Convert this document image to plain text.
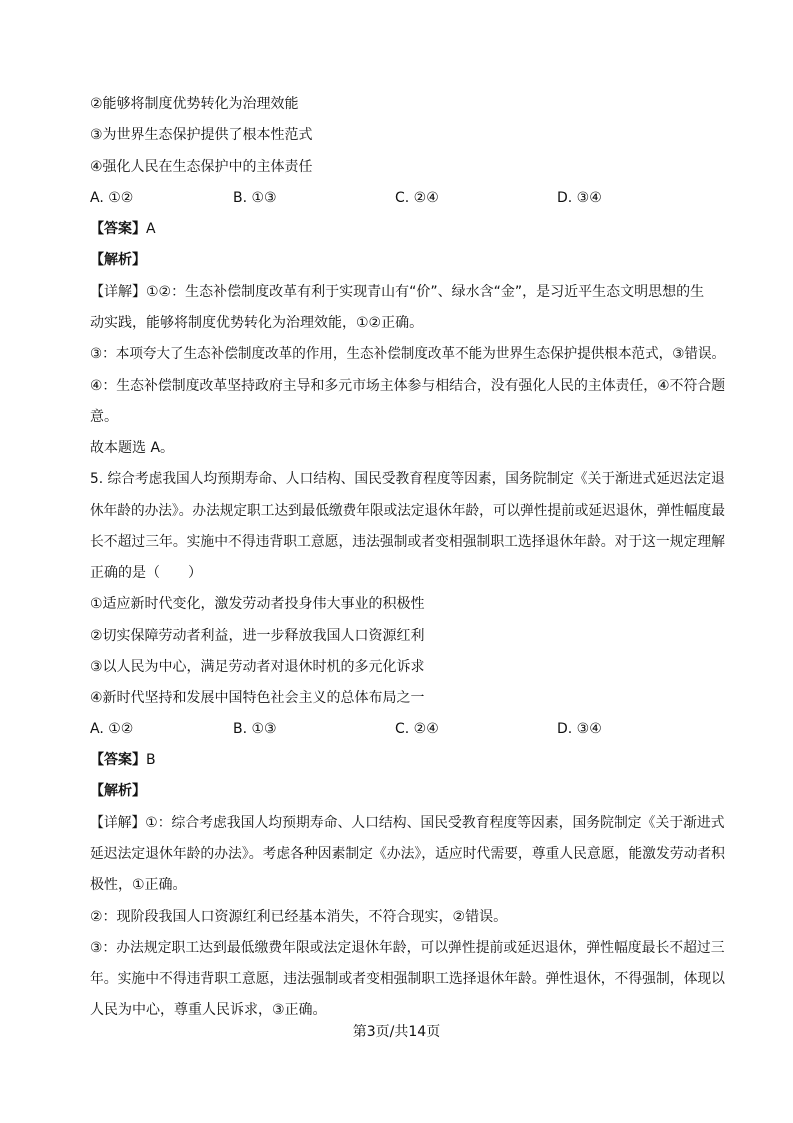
②能够将制度优势转化为治理效能
③为世界生态保护提供了根本性范式
④强化人民在生态保护中的主体责任
A. ①②	B. ①③	C. ②④	D. ③④
【答案】A
【解析】
【详解】①②：生态补偿制度改革有利于实现青山有“价”、绿水含“金”，是习近平生态文明思想的生
动实践，能够将制度优势转化为治理效能，①②正确。
③：本项夸大了生态补偿制度改革的作用，生态补偿制度改革不能为世界生态保护提供根本范式，③错误。
④：生态补偿制度改革坚持政府主导和多元市场主体参与相结合，没有强化人民的主体责任，④不符合题
意。
故本题选 A。
5. 综合考虑我国人均预期寿命、人口结构、国民受教育程度等因素，国务院制定《关于渐进式延迟法定退
休年龄的办法》。办法规定职工达到最低缴费年限或法定退休年龄，可以弹性提前或延迟退休，弹性幅度最
长不超过三年。实施中不得违背职工意愿，违法强制或者变相强制职工选择退休年龄。对于这一规定理解
正确的是（　　）
①适应新时代变化，激发劳动者投身伟大事业的积极性
②切实保障劳动者利益，进一步释放我国人口资源红利
③以人民为中心，满足劳动者对退休时机的多元化诉求
④新时代坚持和发展中国特色社会主义的总体布局之一
A. ①②	B. ①③	C. ②④	D. ③④
【答案】B
【解析】
【详解】①：综合考虑我国人均预期寿命、人口结构、国民受教育程度等因素，国务院制定《关于渐进式
延迟法定退休年龄的办法》。考虑各种因素制定《办法》，适应时代需要，尊重人民意愿，能激发劳动者积
极性，①正确。
②：现阶段我国人口资源红利已经基本消失，不符合现实，②错误。
③：办法规定职工达到最低缴费年限或法定退休年龄，可以弹性提前或延迟退休，弹性幅度最长不超过三
年。实施中不得违背职工意愿，违法强制或者变相强制职工选择退休年龄。弹性退休，不得强制，体现以
人民为中心，尊重人民诉求，③正确。
第3页/共14页
